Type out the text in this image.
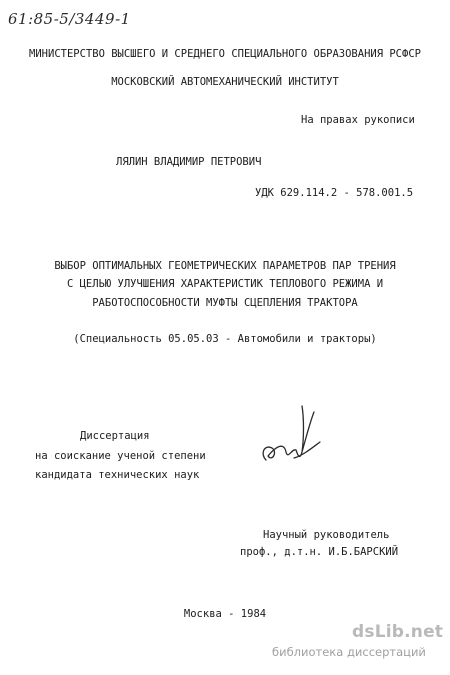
61:85-5/3449-1
МИНИСТЕРСТВО ВЫСШЕГО И СРЕДНЕГО СПЕЦИАЛЬНОГО ОБРАЗОВАНИЯ РСФСР
МОСКОВСКИЙ АВТОМЕХАНИЧЕСКИЙ ИНСТИТУТ
На правах рукописи
ЛЯЛИН ВЛАДИМИР ПЕТРОВИЧ
УДК 629.114.2 - 578.001.5
ВЫБОР ОПТИМАЛЬНЫХ ГЕОМЕТРИЧЕСКИХ ПАРАМЕТРОВ ПАР ТРЕНИЯ
С ЦЕЛЬЮ УЛУЧШЕНИЯ ХАРАКТЕРИСТИК ТЕПЛОВОГО РЕЖИМА И
РАБОТОСПОСОБНОСТИ МУФТЫ СЦЕПЛЕНИЯ ТРАКТОРА
(Специальность 05.05.03 - Автомобили и тракторы)
Диссертация
на соискание ученой степени
кандидата технических наук
Научный руководитель
проф., д.т.н. И.Б.БАРСКИЙ
Москва - 1984
dsLib.net
библиотека диссертаций
